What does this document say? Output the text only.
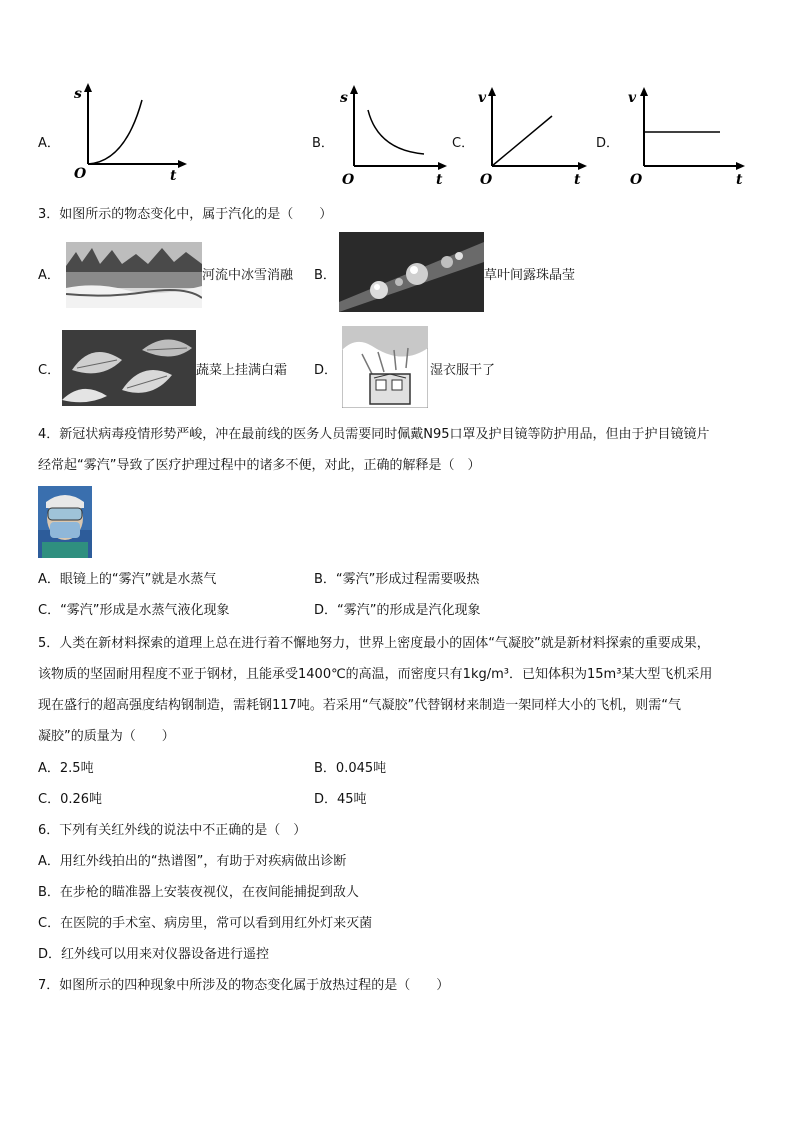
A．
s
O	t
B．
s
O	t
C．
v
O	t
D．
v
O	t
3．如图所示的物态变化中，属于汽化的是（　　）
A．	河流中冰雪消融 B．	草叶间露珠晶莹
C．	蔬菜上挂满白霜 D．	湿衣服干了
4．新冠状病毒疫情形势严峻，冲在最前线的医务人员需要同时佩戴N95口罩及护目镜等防护用品，但由于护目镜镜片
经常起“雾汽”导致了医疗护理过程中的诸多不便，对此，正确的解释是（　）
A．眼镜上的“雾汽”就是水蒸气	B．“雾汽”形成过程需要吸热
C．“雾汽”形成是水蒸气液化现象	D．“雾汽”的形成是汽化现象
5．人类在新材料探索的道理上总在进行着不懈地努力，世界上密度最小的固体“气凝胶”就是新材料探索的重要成果，
该物质的坚固耐用程度不亚于钢材，且能承受1400℃的高温，而密度只有1kg/m³．已知体积为15m³某大型飞机采用
现在盛行的超高强度结构钢制造，需耗钢117吨。若采用“气凝胶”代替钢材来制造一架同样大小的飞机，则需“气
凝胶”的质量为（　　）
A．2.5吨	B．0.045吨
C．0.26吨	D．45吨
6．下列有关红外线的说法中不正确的是（　）
A．用红外线拍出的“热谱图”，有助于对疾病做出诊断
B．在步枪的瞄准器上安装夜视仪，在夜间能捕捉到敌人
C．在医院的手术室、病房里，常可以看到用红外灯来灭菌
D．红外线可以用来对仪器设备进行遥控
7．如图所示的四种现象中所涉及的物态变化属于放热过程的是（　　）
